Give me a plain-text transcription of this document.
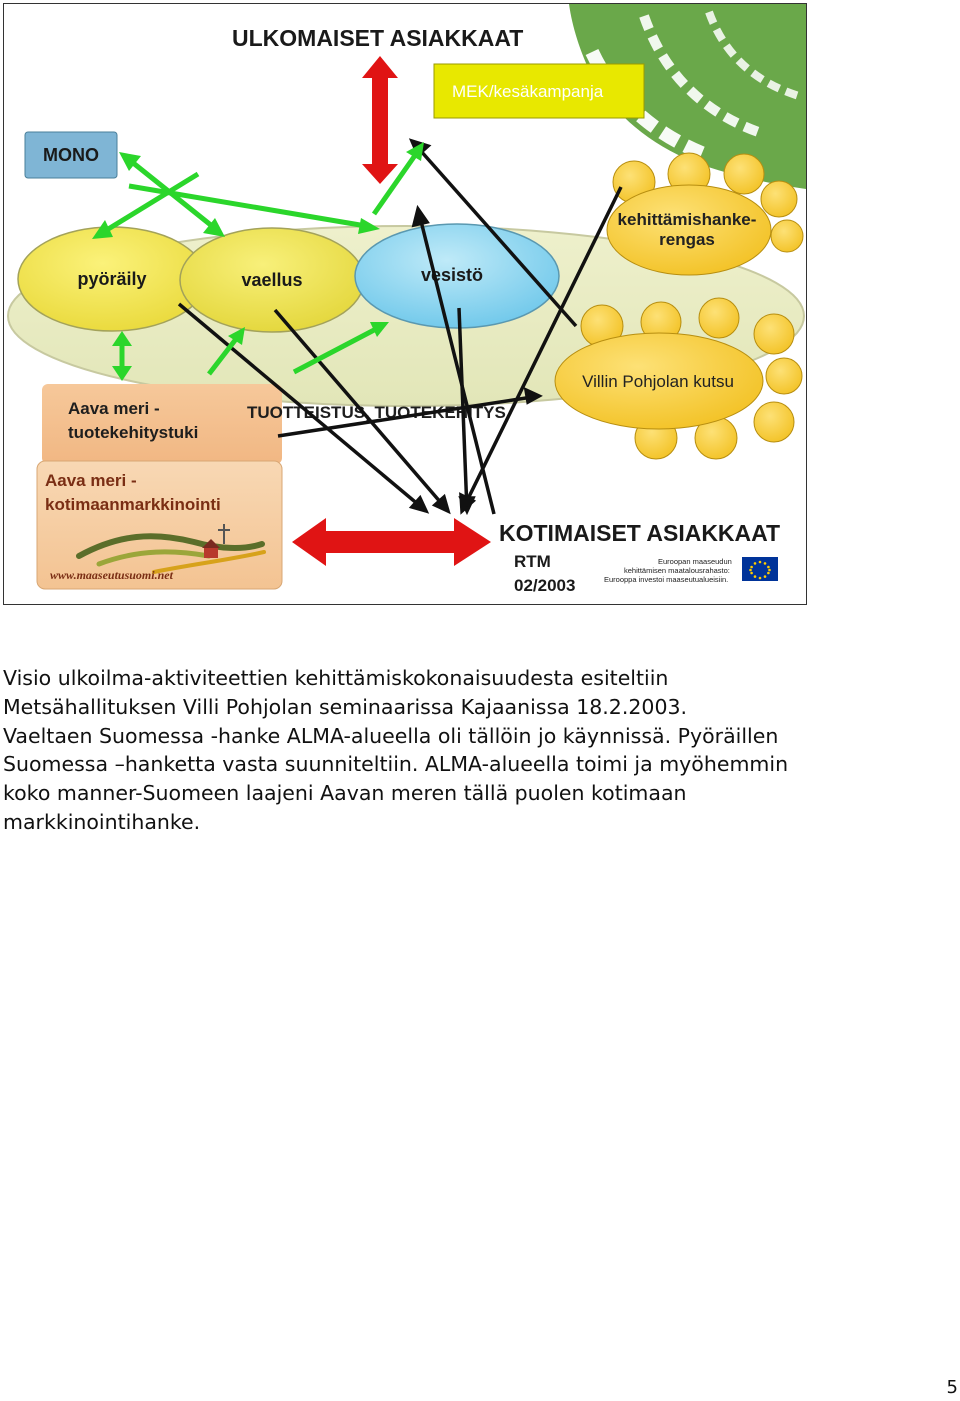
pyöräily	vaellus	vesistö
kehittämishanke-
rengas
Villin Pohjolan kutsu
Aava meri -
tuotekehitystuki
Aava meri -
kotimaanmarkkinointi
www.maaseutusuomi.net
TUOTTEISTUS, TUOTEKEHITYS
ULKOMAISET ASIAKKAAT
KOTIMAISET ASIAKKAAT
RTM
02/2003
Euroopan maaseudun
kehittämisen maatalousrahasto:
Eurooppa investoi maaseutualueisiin.
MEK/kesäkampanja
MONO

Visio ulkoilma-aktiviteettien kehittämiskokonaisuudesta esiteltiin
Metsähallituksen Villi Pohjolan seminaarissa Kajaanissa 18.2.2003.
Vaeltaen Suomessa -hanke ALMA-alueella oli tällöin jo käynnissä. Pyöräillen
Suomessa –hanketta vasta suunniteltiin. ALMA-alueella toimi ja myöhemmin
koko manner-Suomeen laajeni Aavan meren tällä puolen kotimaan
markkinointihanke.

5
